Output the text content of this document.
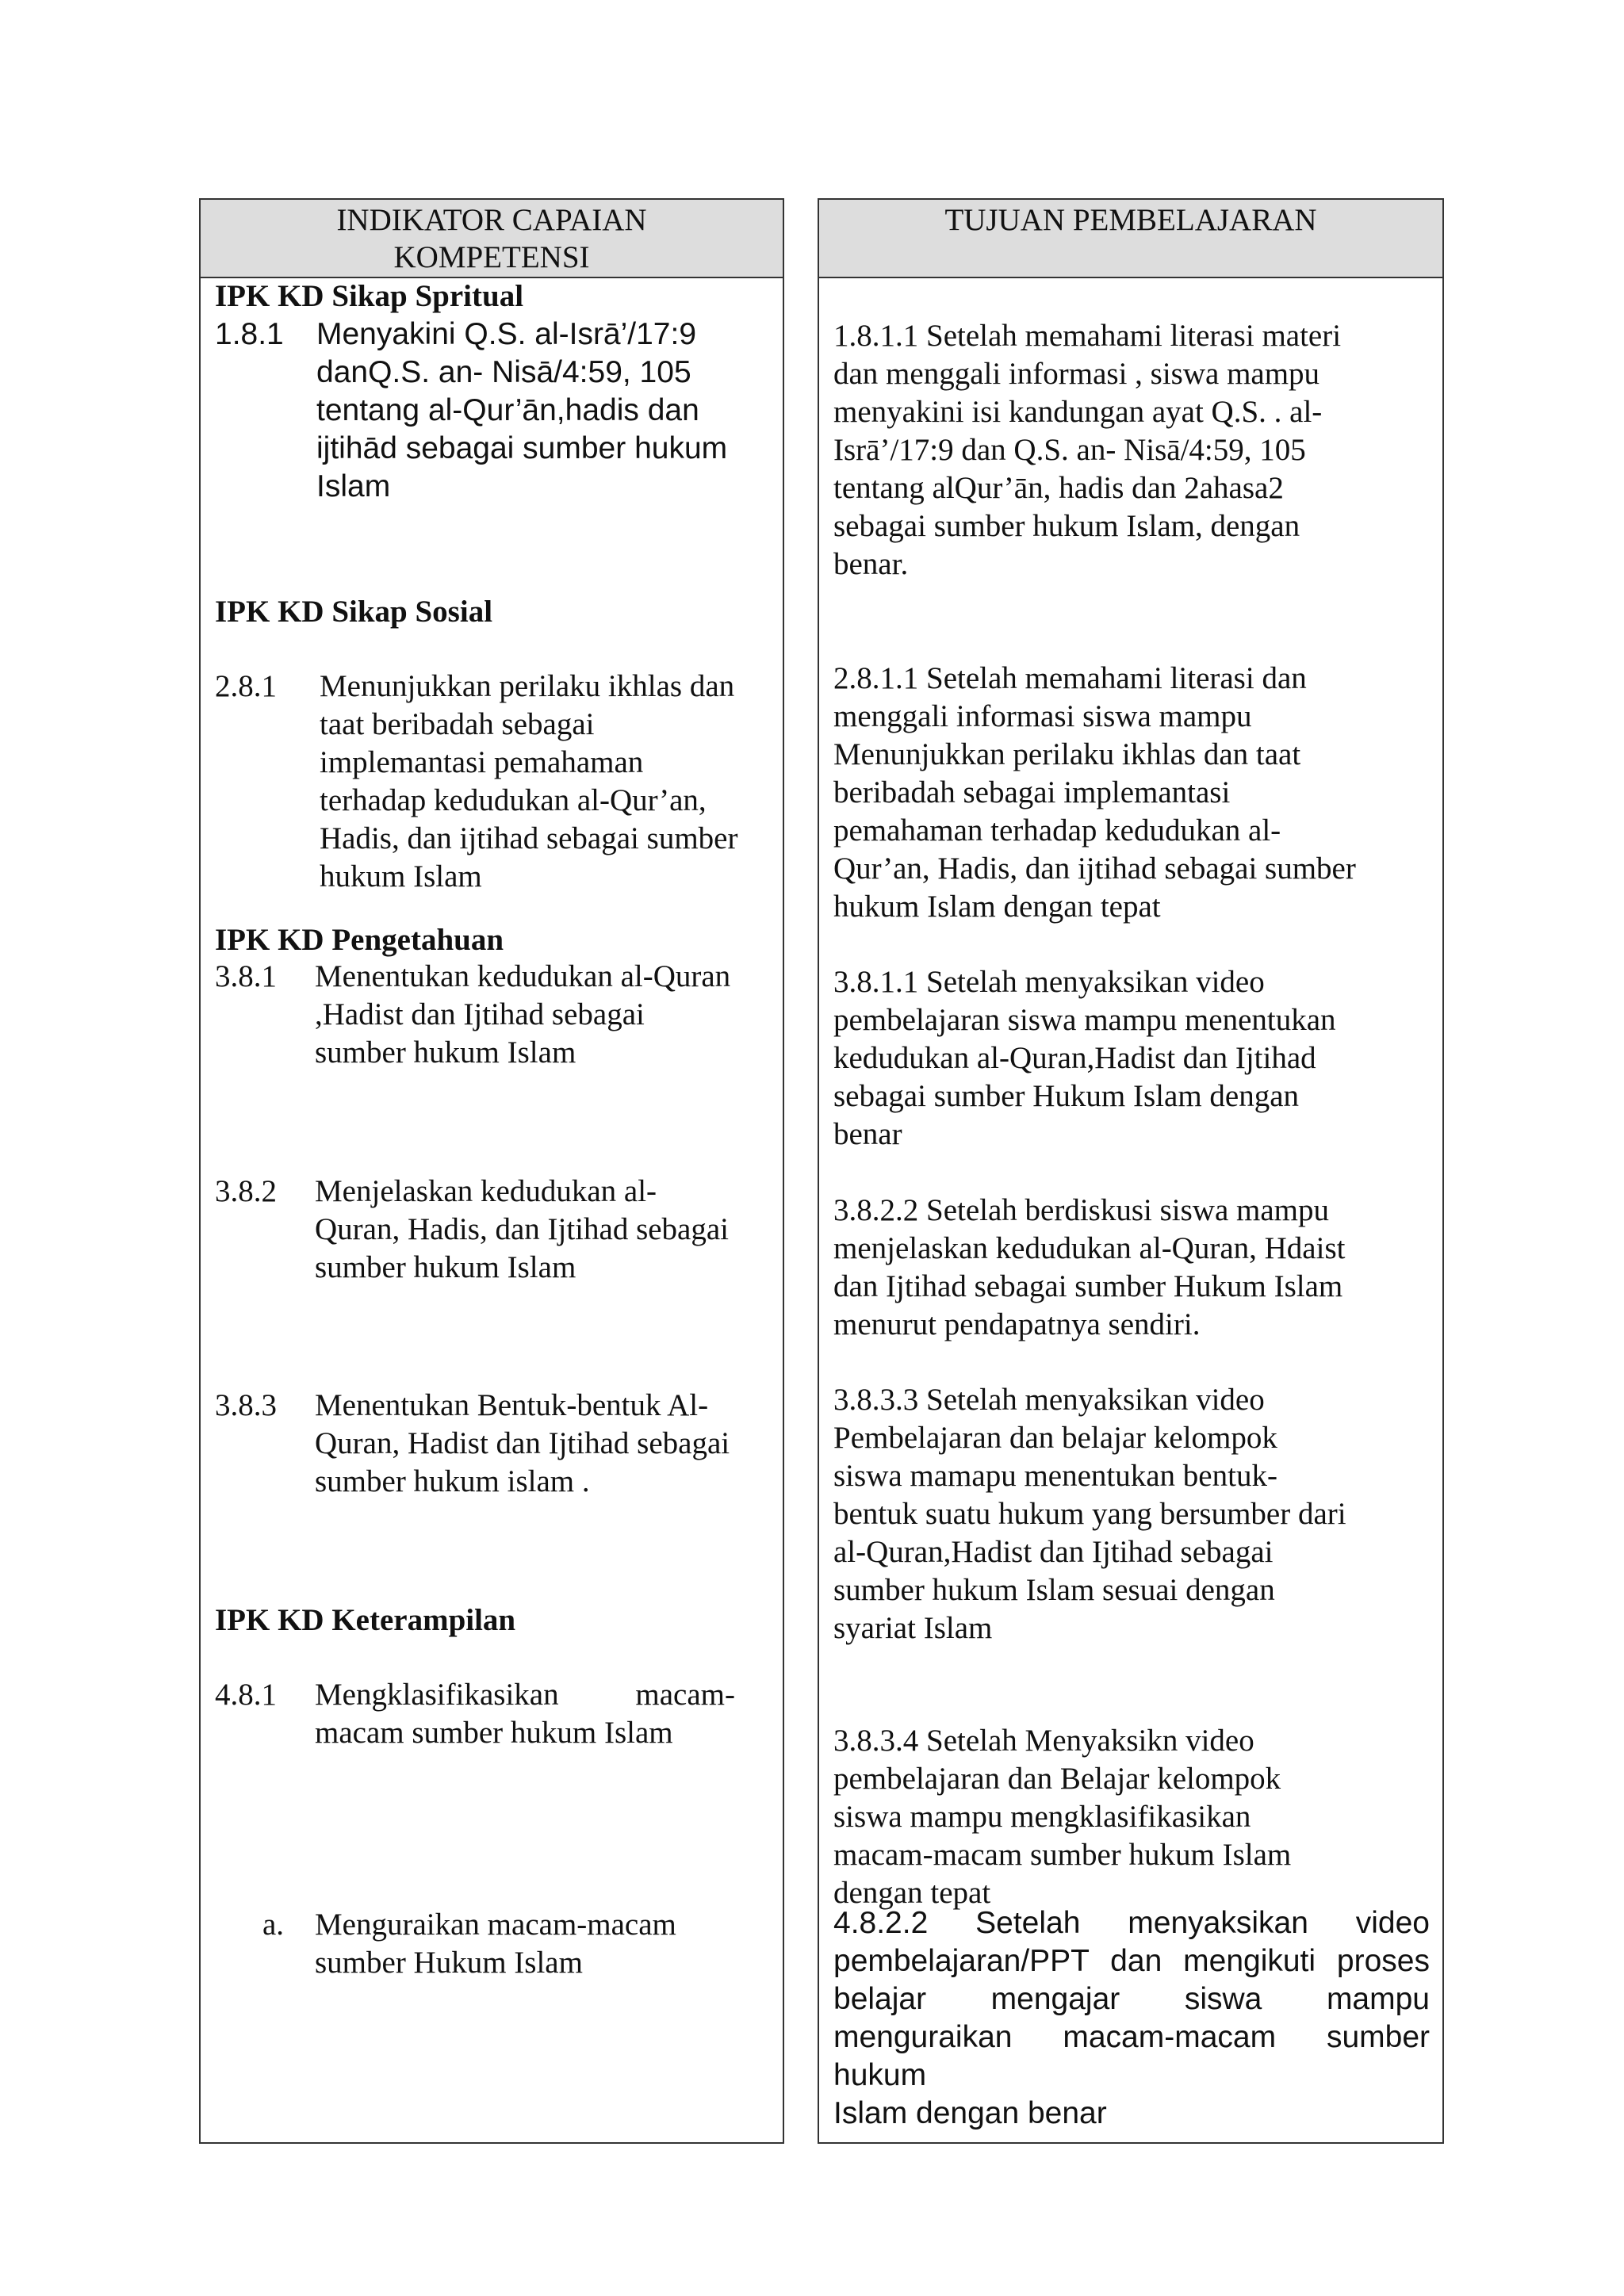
INDIKATOR CAPAIAN
KOMPETENSI
IPK KD Sikap Spritual
1.8.1 Menyakini Q.S. al-Isrā’/17:9
danQ.S. an- Nisā/4:59, 105
tentang al-Qur’ān,hadis dan
ijtihād sebagai sumber hukum
Islam
IPK KD Sikap Sosial
2.8.1 Menunjukkan perilaku ikhlas dan
taat beribadah sebagai
implemantasi pemahaman
terhadap kedudukan al-Qur’an,
Hadis, dan ijtihad sebagai sumber
hukum Islam
IPK KD Pengetahuan
3.8.1 Menentukan kedudukan al-Quran
,Hadist dan Ijtihad sebagai
sumber hukum Islam
3.8.2 Menjelaskan kedudukan al-
Quran, Hadis, dan Ijtihad sebagai
sumber hukum Islam
3.8.3 Menentukan Bentuk-bentuk Al-
Quran, Hadist dan Ijtihad sebagai
sumber hukum islam .
IPK KD Keterampilan
4.8.1 Mengklasifikasikan macam-
macam sumber hukum Islam
a. Menguraikan macam-macam
sumber Hukum Islam
TUJUAN PEMBELAJARAN
1.8.1.1 Setelah memahami literasi materi
dan menggali informasi , siswa mampu
menyakini isi kandungan ayat Q.S. . al-
Isrā’/17:9 dan Q.S. an- Nisā/4:59, 105
tentang alQur’ān, hadis dan 2ahasa2
sebagai sumber hukum Islam, dengan
benar.
2.8.1.1 Setelah memahami literasi dan
menggali informasi siswa mampu
Menunjukkan perilaku ikhlas dan taat
beribadah sebagai implemantasi
pemahaman terhadap kedudukan al-
Qur’an, Hadis, dan ijtihad sebagai sumber
hukum Islam dengan tepat
3.8.1.1 Setelah menyaksikan video
pembelajaran siswa mampu menentukan
kedudukan al-Quran,Hadist dan Ijtihad
sebagai sumber Hukum Islam dengan
benar
3.8.2.2 Setelah berdiskusi siswa mampu
menjelaskan kedudukan al-Quran, Hdaist
dan Ijtihad sebagai sumber Hukum Islam
menurut pendapatnya sendiri.
3.8.3.3 Setelah menyaksikan video
Pembelajaran dan belajar kelompok
siswa mamapu menentukan bentuk-
bentuk suatu hukum yang bersumber dari
al-Quran,Hadist dan Ijtihad sebagai
sumber hukum Islam sesuai dengan
syariat Islam
3.8.3.4 Setelah Menyaksikn video
pembelajaran dan Belajar kelompok
siswa mampu mengklasifikasikan
macam-macam sumber hukum Islam
dengan tepat
4.8.2.2 Setelah menyaksikan video
pembelajaran/PPT dan mengikuti proses
belajar mengajar siswa mampu
menguraikan macam-macam sumber hukum
Islam dengan benar
